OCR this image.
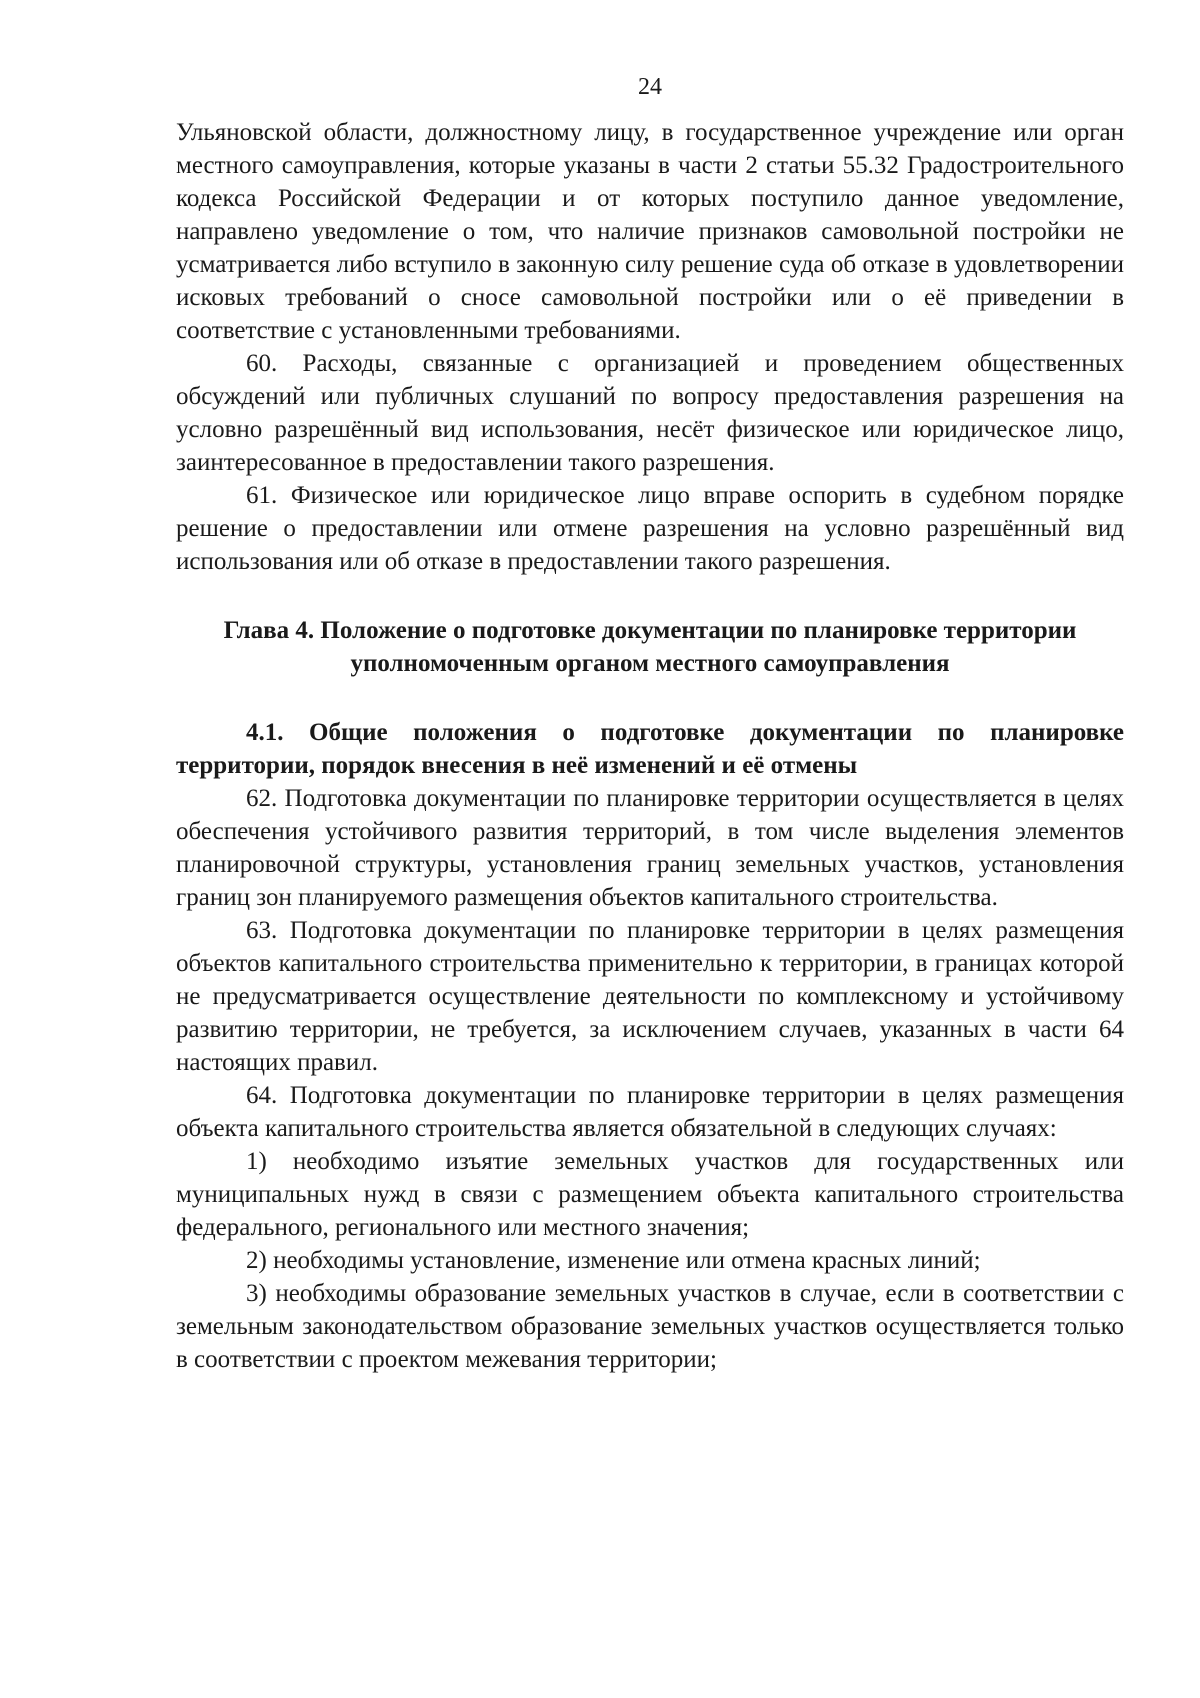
24

Ульяновской области, должностному лицу, в государственное учреждение или орган местного самоуправления, которые указаны в части 2 статьи 55.32 Градостроительного кодекса Российской Федерации и от которых поступило данное уведомление, направлено уведомление о том, что наличие признаков самовольной постройки не усматривается либо вступило в законную силу решение суда об отказе в удовлетворении исковых требований о сносе самовольной постройки или о её приведении в соответствие с установленными требованиями.

60. Расходы, связанные с организацией и проведением общественных обсуждений или публичных слушаний по вопросу предоставления разрешения на условно разрешённый вид использования, несёт физическое или юридическое лицо, заинтересованное в предоставлении такого разрешения.

61. Физическое или юридическое лицо вправе оспорить в судебном порядке решение о предоставлении или отмене разрешения на условно разрешённый вид использования или об отказе в предоставлении такого разрешения.

Глава 4. Положение о подготовке документации по планировке территории уполномоченным органом местного самоуправления
4.1. Общие положения о подготовке документации по планировке территории, порядок внесения в неё изменений и её отмены

62. Подготовка документации по планировке территории осуществляется в целях обеспечения устойчивого развития территорий, в том числе выделения элементов планировочной структуры, установления границ земельных участков, установления границ зон планируемого размещения объектов капитального строительства.

63. Подготовка документации по планировке территории в целях размещения объектов капитального строительства применительно к территории, в границах которой не предусматривается осуществление деятельности по комплексному и устойчивому развитию территории, не требуется, за исключением случаев, указанных в части 64 настоящих правил.

64. Подготовка документации по планировке территории в целях размещения объекта капитального строительства является обязательной в следующих случаях:

1) необходимо изъятие земельных участков для государственных или муниципальных нужд в связи с размещением объекта капитального строительства федерального, регионального или местного значения;

2) необходимы установление, изменение или отмена красных линий;

3) необходимы образование земельных участков в случае, если в соответствии с земельным законодательством образование земельных участков осуществляется только в соответствии с проектом межевания территории;
